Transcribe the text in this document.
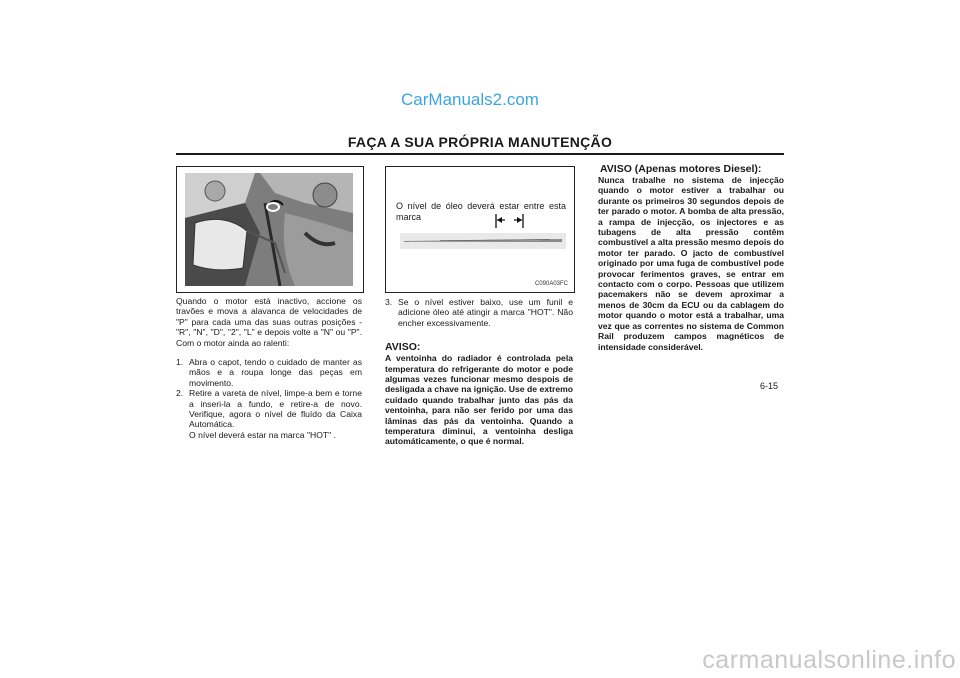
CarManuals2.com
FAÇA A SUA PRÓPRIA MANUTENÇÃO
O nível de óleo deverá estar entre esta marca
C090A03FC

Quando o motor está inactivo, accione os travões e mova a alavanca de velocidades de "P" para cada uma das suas outras posições - "R", "N", "D", "2", "L" e depois volte a "N" ou "P". Com o motor ainda ao ralenti:

1. Abra o capot, tendo o cuidado de manter as mãos e a roupa longe das peças em movimento.

2. Retire a vareta de nível, limpe-a bem e torne a inseri-la a fundo, e retire-a de novo. Verifique, agora o nível de fluído da Caixa Automática.

O nível deverá estar na marca "HOT" .

3. Se o nível estiver baixo, use um funil e adicione óleo até atingir a marca "HOT". Não encher excessivamente.

AVISO:

A ventoinha do radiador é controlada pela temperatura do refrigerante do motor e pode algumas vezes funcionar mesmo despois de desligada a chave na ignição. Use de extremo cuidado quando trabalhar junto das pás da ventoinha, para não ser ferido por uma das lâminas das pás da ventoinha. Quando a temperatura diminui, a ventoinha desliga automáticamente, o que é normal.

AVISO (Apenas motores Diesel):

Nunca trabalhe no sistema de injecção quando o motor estiver a trabalhar ou durante os primeiros 30 segundos depois de ter parado o motor. A bomba de alta pressão, a rampa de injecção, os injectores e as tubagens de alta pressão contêm combustível a alta pressão mesmo depois do motor ter parado. O jacto de combustível originado por uma fuga de combustível pode provocar ferimentos graves, se entrar em contacto com o corpo. Pessoas que utilizem pacemakers não se devem aproximar a menos de 30cm da ECU ou da cablagem do motor quando o motor está a trabalhar, uma vez que as correntes no sistema de Common Rail produzem campos magnéticos de intensidade considerável.

6-15
carmanualsonline.info
